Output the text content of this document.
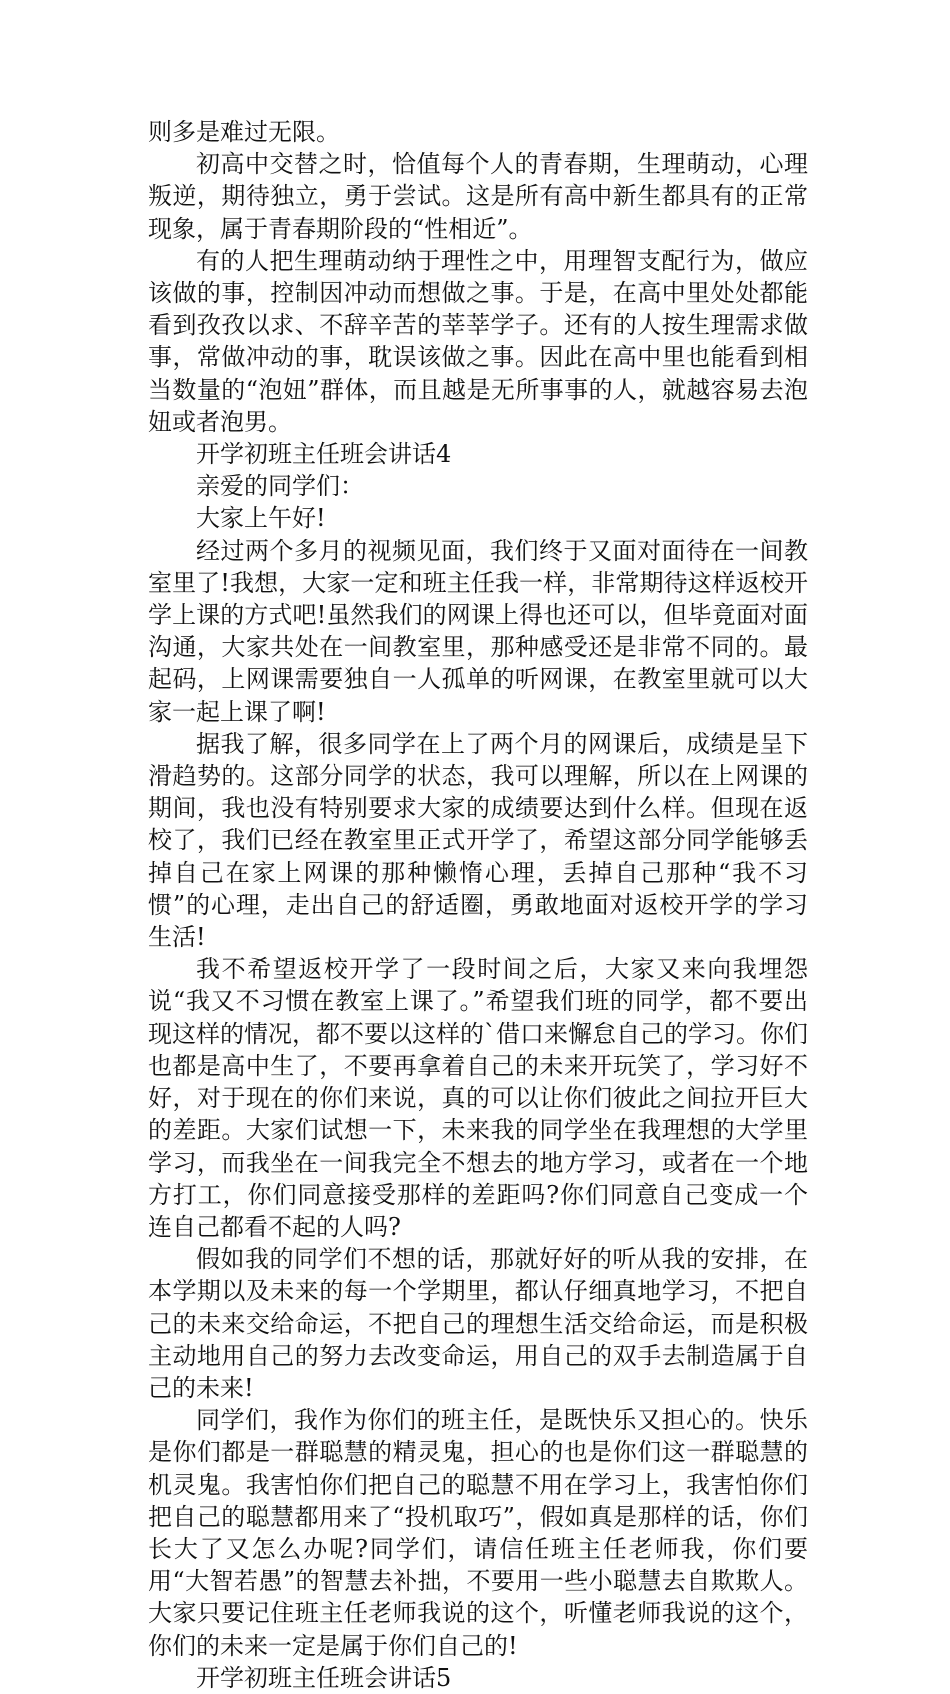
则多是难过无限。

初高中交替之时，恰值每个人的青春期，生理萌动，心理叛逆，期待独立，勇于尝试。这是所有高中新生都具有的正常现象，属于青春期阶段的“性相近”。

有的人把生理萌动纳于理性之中，用理智支配行为，做应该做的事，控制因冲动而想做之事。于是，在高中里处处都能看到孜孜以求、不辞辛苦的莘莘学子。还有的人按生理需求做事，常做冲动的事，耽误该做之事。因此在高中里也能看到相当数量的“泡妞”群体，而且越是无所事事的人，就越容易去泡妞或者泡男。

开学初班主任班会讲话4

亲爱的同学们：

大家上午好!

经过两个多月的视频见面，我们终于又面对面待在一间教室里了!我想，大家一定和班主任我一样，非常期待这样返校开学上课的方式吧!虽然我们的网课上得也还可以，但毕竟面对面沟通，大家共处在一间教室里，那种感受还是非常不同的。最起码，上网课需要独自一人孤单的听网课，在教室里就可以大家一起上课了啊!

据我了解，很多同学在上了两个月的网课后，成绩是呈下滑趋势的。这部分同学的状态，我可以理解，所以在上网课的期间，我也没有特别要求大家的成绩要达到什么样。但现在返校了，我们已经在教室里正式开学了，希望这部分同学能够丢掉自己在家上网课的那种懒惰心理，丢掉自己那种“我不习惯”的心理，走出自己的舒适圈，勇敢地面对返校开学的学习生活!

我不希望返校开学了一段时间之后，大家又来向我埋怨说“我又不习惯在教室上课了。”希望我们班的同学，都不要出现这样的情况，都不要以这样的`借口来懈怠自己的学习。你们也都是高中生了，不要再拿着自己的未来开玩笑了，学习好不好，对于现在的你们来说，真的可以让你们彼此之间拉开巨大的差距。大家们试想一下，未来我的同学坐在我理想的大学里学习，而我坐在一间我完全不想去的地方学习，或者在一个地方打工，你们同意接受那样的差距吗?你们同意自己变成一个连自己都看不起的人吗?

假如我的同学们不想的话，那就好好的听从我的安排，在本学期以及未来的每一个学期里，都认仔细真地学习，不把自己的未来交给命运，不把自己的理想生活交给命运，而是积极主动地用自己的努力去改变命运，用自己的双手去制造属于自己的未来!

同学们，我作为你们的班主任，是既快乐又担心的。快乐是你们都是一群聪慧的精灵鬼，担心的也是你们这一群聪慧的机灵鬼。我害怕你们把自己的聪慧不用在学习上，我害怕你们把自己的聪慧都用来了“投机取巧”，假如真是那样的话，你们长大了又怎么办呢?同学们，请信任班主任老师我，你们要用“大智若愚”的智慧去补拙，不要用一些小聪慧去自欺欺人。大家只要记住班主任老师我说的这个，听懂老师我说的这个，你们的未来一定是属于你们自己的!

开学初班主任班会讲话5
